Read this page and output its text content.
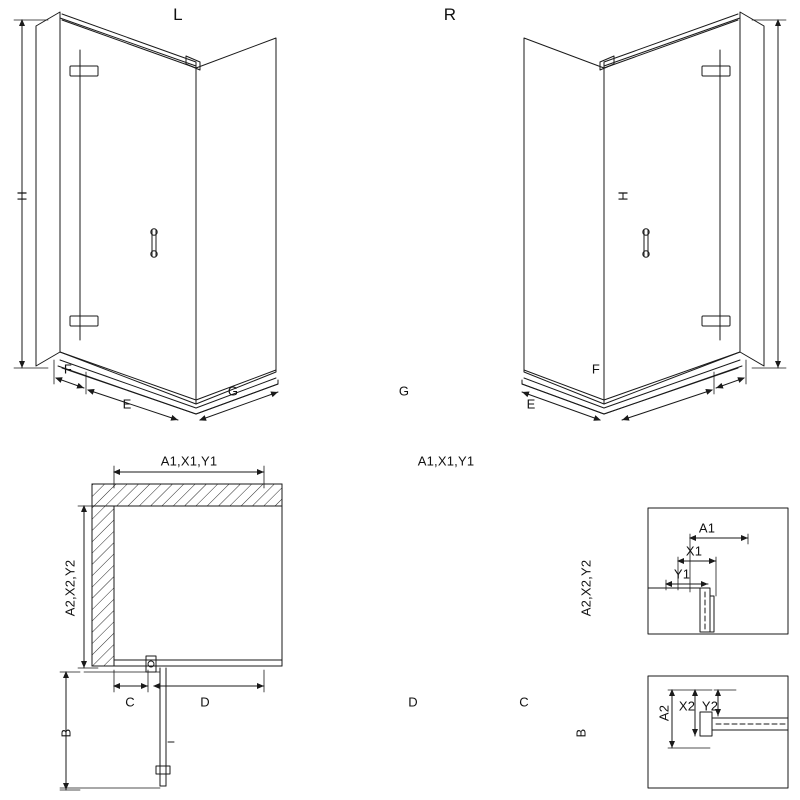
L	R
H
F
E
G
H
F
E
G
A1,X1,Y1
A2,X2,Y2
C	D
B
A1,X1,Y1
A2,X2,Y2
D	C
B
A1
X1
Y1
A2 X2 Y2
